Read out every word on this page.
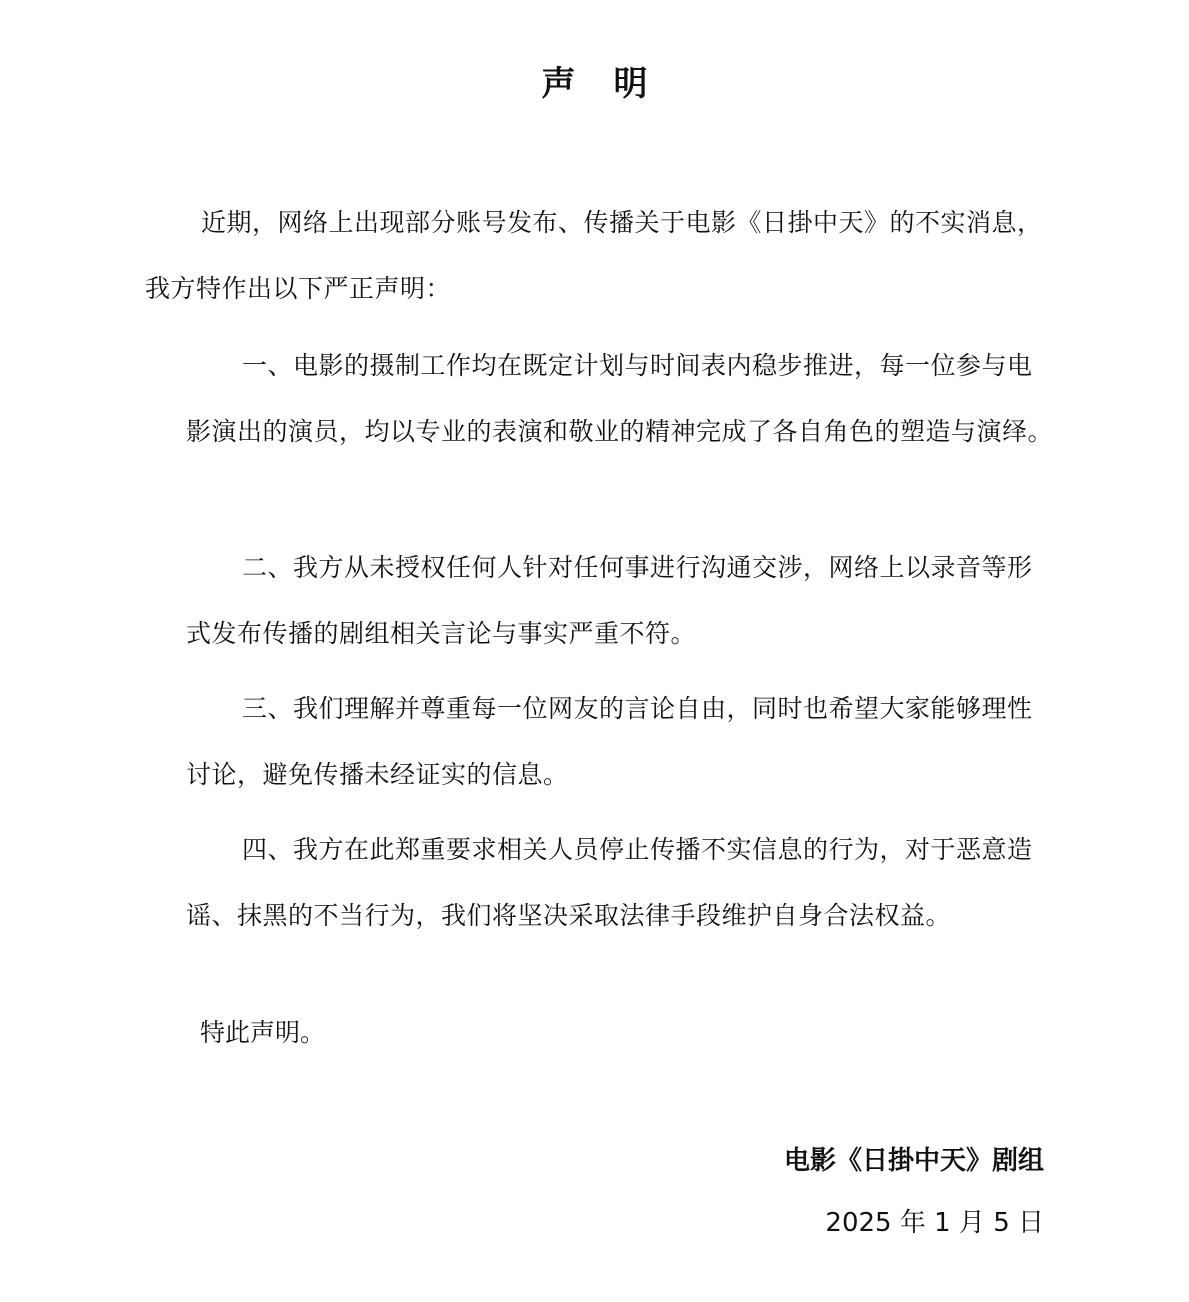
声明

近期，网络上出现部分账号发布、传播关于电影《日掛中天》的不实消息，我方特作出以下严正声明：

一、电影的摄制工作均在既定计划与时间表内稳步推进，每一位参与电影演出的演员，均以专业的表演和敬业的精神完成了各自角色的塑造与演绎。

二、我方从未授权任何人针对任何事进行沟通交涉，网络上以录音等形式发布传播的剧组相关言论与事实严重不符。

三、我们理解并尊重每一位网友的言论自由，同时也希望大家能够理性讨论，避免传播未经证实的信息。

四、我方在此郑重要求相关人员停止传播不实信息的行为，对于恶意造谣、抹黑的不当行为，我们将坚决采取法律手段维护自身合法权益。

特此声明。

电影《日掛中天》剧组
2025 年 1 月 5 日
